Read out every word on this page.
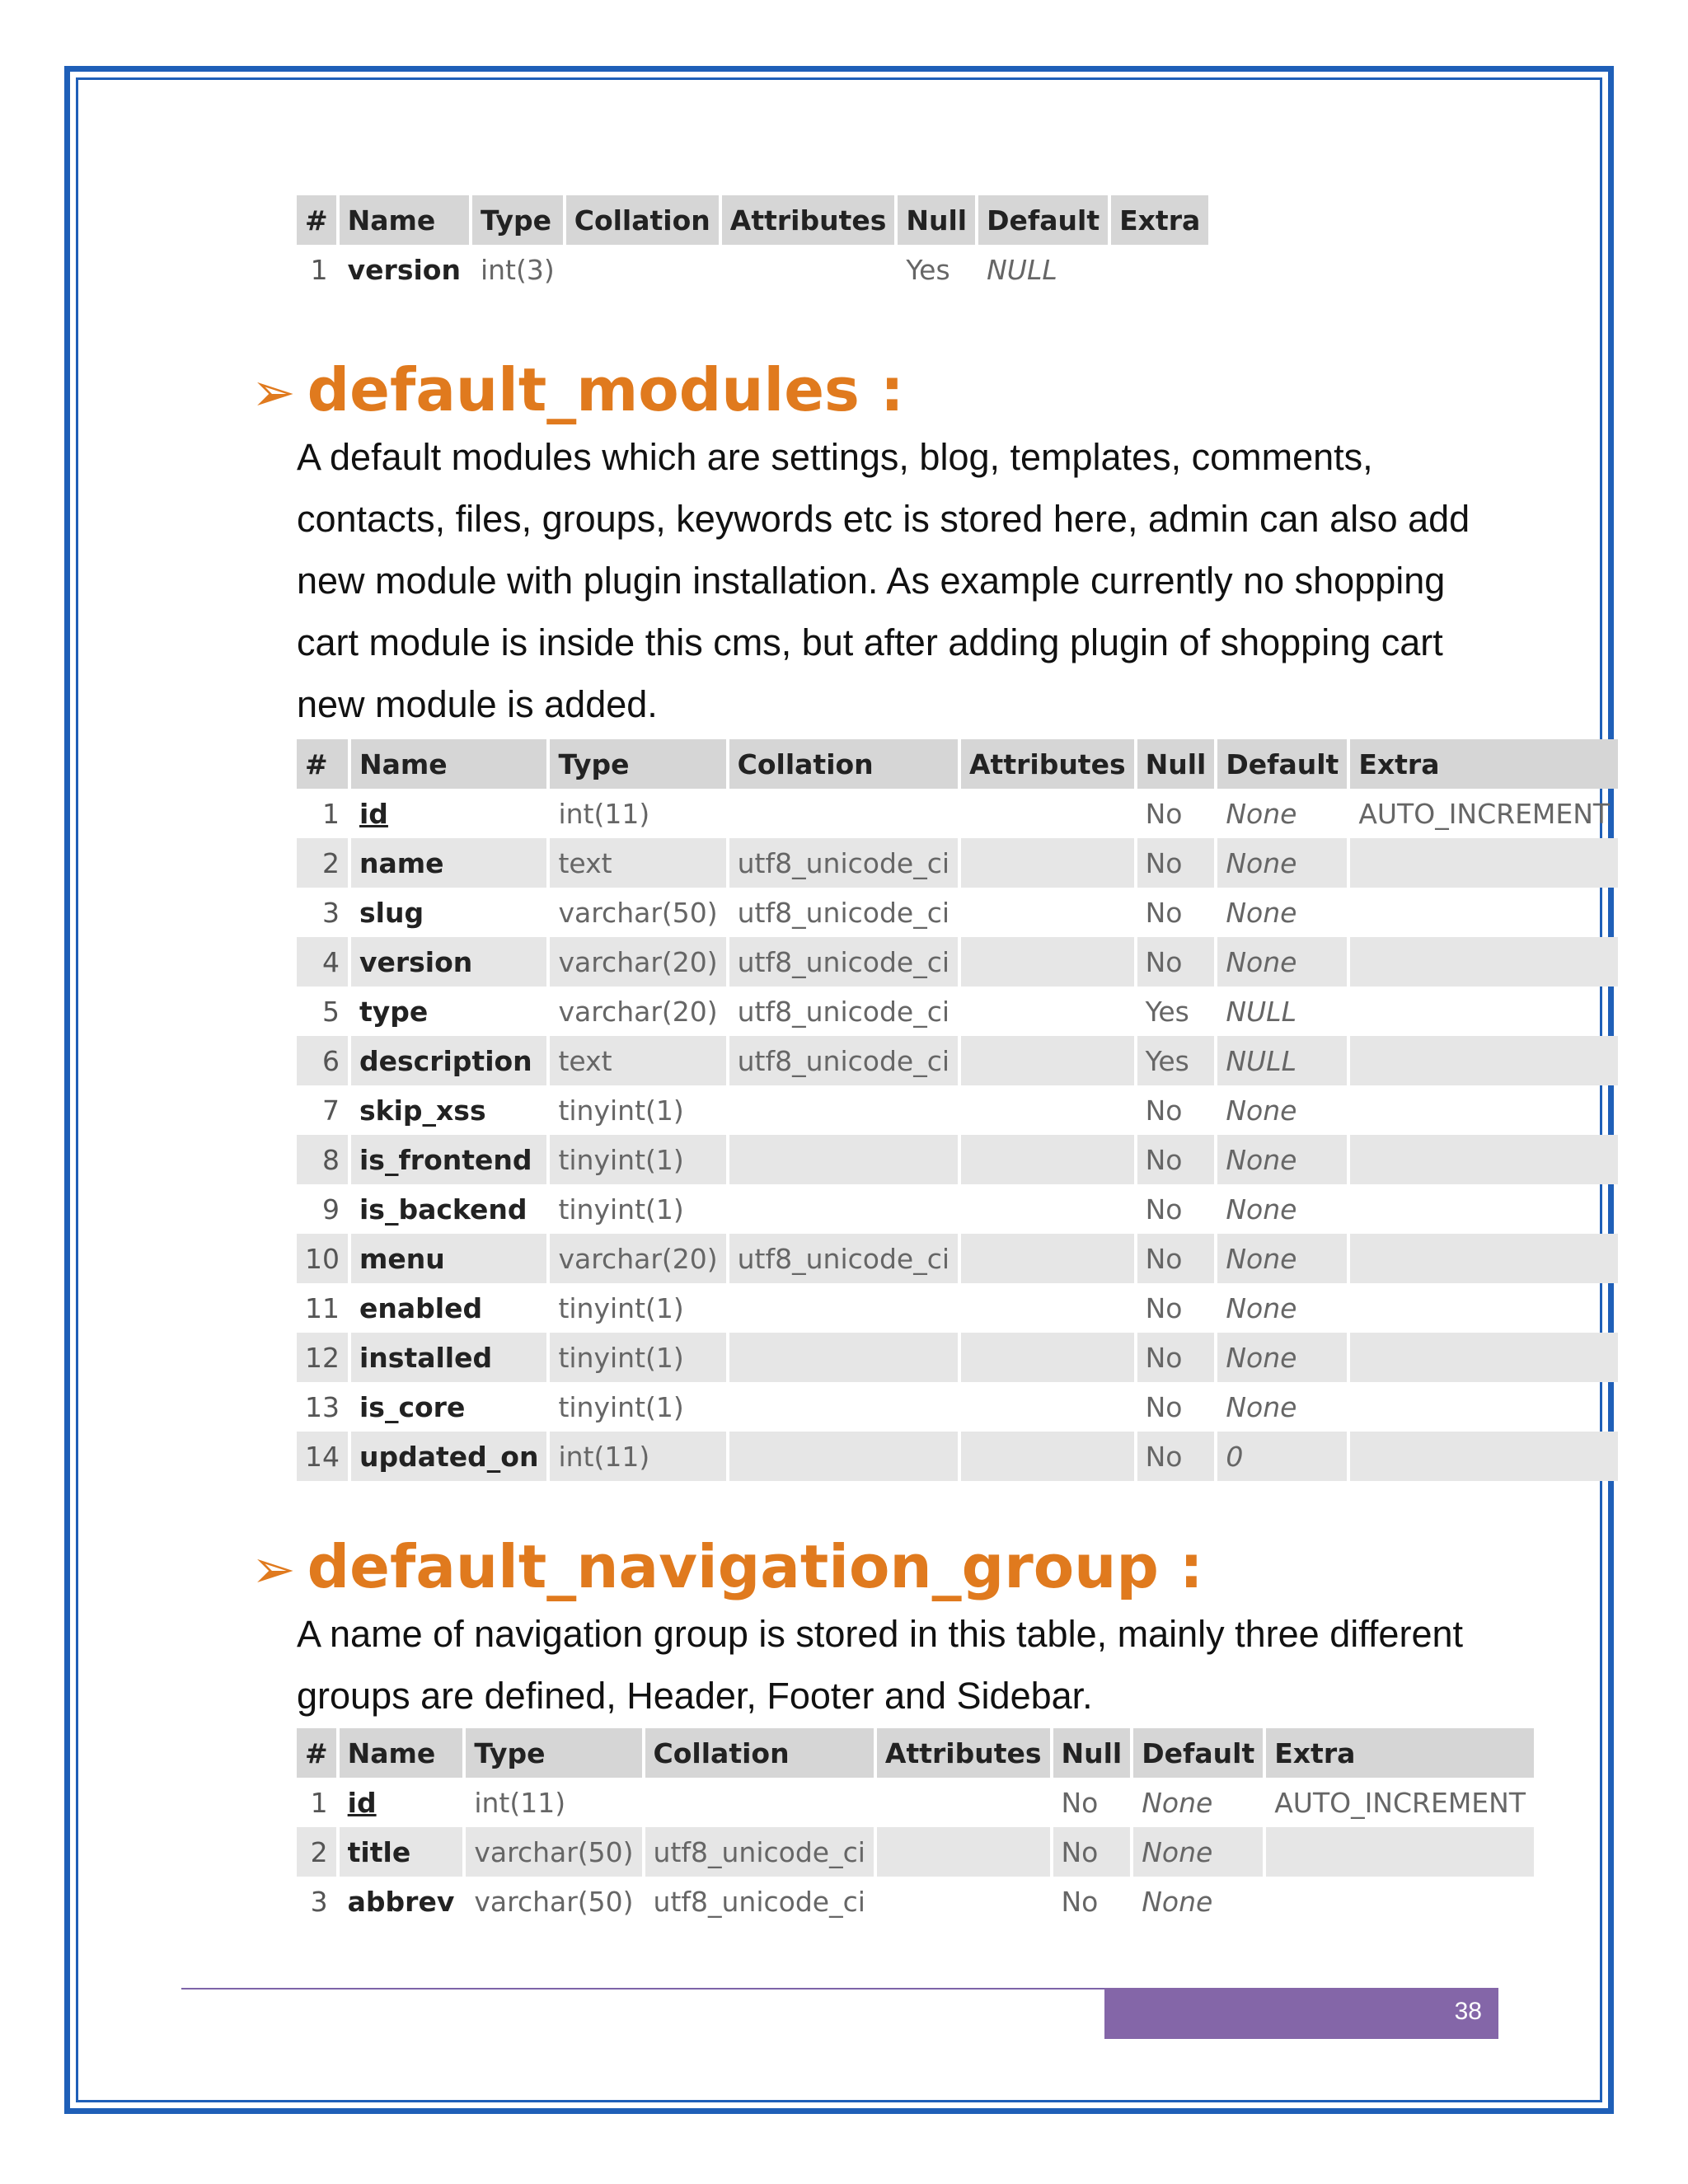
#	Name	Type	Collation	Attributes	Null	Default	Extra
1	version	int(3)			Yes	NULL	
➢ default_modules :

A default modules which are settings, blog, templates, comments, contacts, files, groups, keywords etc is stored here, admin can also add new module with plugin installation. As example currently no shopping cart module is inside this cms, but after adding plugin of shopping cart new module is added.

#	Name	Type	Collation	Attributes	Null	Default	Extra
1	id	int(11)			No	None	AUTO_INCREMENT
2	name	text	utf8_unicode_ci		No	None	
3	slug	varchar(50)	utf8_unicode_ci		No	None	
4	version	varchar(20)	utf8_unicode_ci		No	None	
5	type	varchar(20)	utf8_unicode_ci		Yes	NULL	
6	description	text	utf8_unicode_ci		Yes	NULL	
7	skip_xss	tinyint(1)			No	None	
8	is_frontend	tinyint(1)			No	None	
9	is_backend	tinyint(1)			No	None	
10	menu	varchar(20)	utf8_unicode_ci		No	None	
11	enabled	tinyint(1)			No	None	
12	installed	tinyint(1)			No	None	
13	is_core	tinyint(1)			No	None	
14	updated_on	int(11)			No	0	
➢ default_navigation_group :

A name of navigation group is stored in this table, mainly three different groups are defined, Header, Footer and Sidebar.

#	Name	Type	Collation	Attributes	Null	Default	Extra
1	id	int(11)			No	None	AUTO_INCREMENT
2	title	varchar(50)	utf8_unicode_ci		No	None	
3	abbrev	varchar(50)	utf8_unicode_ci		No	None	
38
